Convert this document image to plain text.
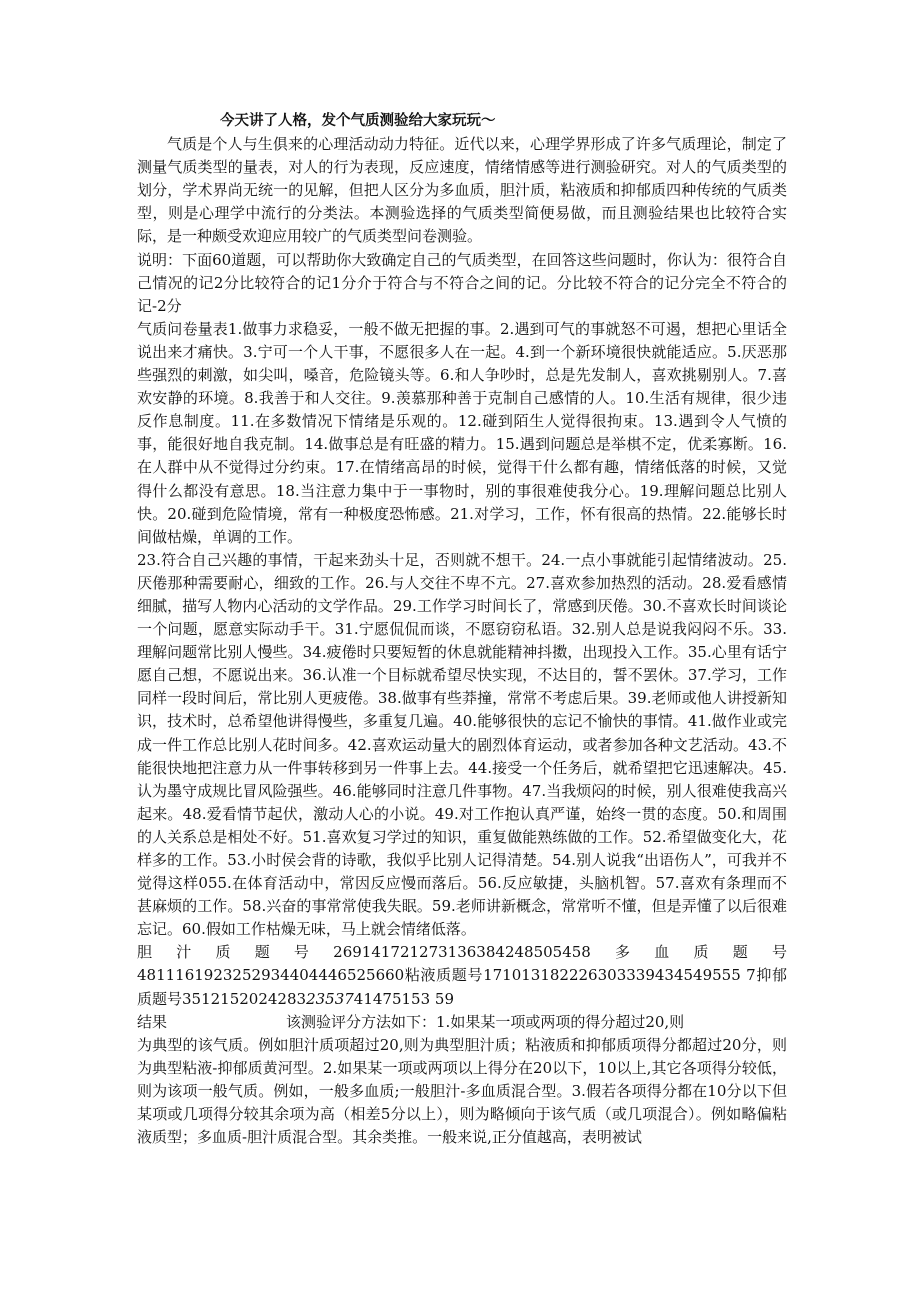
今天讲了人格，发个气质测验给大家玩玩～

气质是个人与生俱来的心理活动动力特征。近代以来，心理学界形成了许多气质理论，制定了测量气质类型的量表，对人的行为表现，反应速度，情绪情感等进行测验研究。对人的气质类型的划分，学术界尚无统一的见解，但把人区分为多血质，胆汁质，粘液质和抑郁质四种传统的气质类型，则是心理学中流行的分类法。本测验选择的气质类型简便易做，而且测验结果也比较符合实际，是一种颇受欢迎应用较广的气质类型问卷测验。

说明：下面60道题，可以帮助你大致确定自己的气质类型，在回答这些问题时，你认为：很符合自己情况的记2分比较符合的记1分介于符合与不符合之间的记。分比较不符合的记分完全不符合的记-2分

气质问卷量表1.做事力求稳妥，一般不做无把握的事。2.遇到可气的事就怒不可遏，想把心里话全说出来才痛快。3.宁可一个人干事，不愿很多人在一起。4.到一个新环境很快就能适应。5.厌恶那些强烈的刺激，如尖叫，嗓音，危险镜头等。6.和人争吵时，总是先发制人，喜欢挑剔别人。7.喜欢安静的环境。8.我善于和人交往。9.羡慕那种善于克制自己感情的人。10.生活有规律，很少违反作息制度。11.在多数情况下情绪是乐观的。12.碰到陌生人觉得很拘束。13.遇到令人气愤的事，能很好地自我克制。14.做事总是有旺盛的精力。15.遇到问题总是举棋不定，优柔寡断。16.在人群中从不觉得过分约束。17.在情绪高昂的时候，觉得干什么都有趣，情绪低落的时候，又觉得什么都没有意思。18.当注意力集中于一事物时，别的事很难使我分心。19.理解问题总比别人快。20.碰到危险情境，常有一种极度恐怖感。21.对学习，工作，怀有很高的热情。22.能够长时间做枯燥，单调的工作。

23.符合自己兴趣的事情，干起来劲头十足，否则就不想干。24.一点小事就能引起情绪波动。25.厌倦那种需要耐心，细致的工作。26.与人交往不卑不亢。27.喜欢参加热烈的活动。28.爱看感情细腻，描写人物内心活动的文学作品。29.工作学习时间长了，常感到厌倦。30.不喜欢长时间谈论一个问题，愿意实际动手干。31.宁愿侃侃而谈，不愿窃窃私语。32.别人总是说我闷闷不乐。33.理解问题常比别人慢些。34.疲倦时只要短暂的休息就能精神抖擞，出现投入工作。35.心里有话宁愿自己想，不愿说出来。36.认准一个目标就希望尽快实现，不达目的，誓不罢休。37.学习，工作同样一段时间后，常比别人更疲倦。38.做事有些莽撞，常常不考虑后果。39.老师或他人讲授新知识，技术时，总希望他讲得慢些，多重复几遍。40.能够很快的忘记不愉快的事情。41.做作业或完成一件工作总比别人花时间多。42.喜欢运动量大的剧烈体育运动，或者参加各种文艺活动。43.不能很快地把注意力从一件事转移到另一件事上去。44.接受一个任务后，就希望把它迅速解决。45.认为墨守成规比冒风险强些。46.能够同时注意几件事物。47.当我烦闷的时候，别人很难使我高兴起来。48.爱看情节起伏，激动人心的小说。49.对工作抱认真严谨，始终一贯的态度。50.和周围的人关系总是相处不好。51.喜欢复习学过的知识，重复做能熟练做的工作。52.希望做变化大，花样多的工作。53.小时侯会背的诗歌，我似乎比别人记得清楚。54.别人说我“出语伤人”，可我并不觉得这样055.在体育活动中，常因反应慢而落后。56.反应敏捷，头脑机智。57.喜欢有条理而不甚麻烦的工作。58.兴奋的事常常使我失眠。59.老师讲新概念，常常听不懂，但是弄懂了以后很难忘记。60.假如工作枯燥无味，马上就会情绪低落。

胆汁质题号269141721273136384248505458多血质题号4811161923252934404446525660粘液质题号171013182226303339434549555 7抑郁质题号35121520242832353741475153 59

结果	该测验评分方法如下：1.如果某一项或两项的得分超过20,则

为典型的该气质。例如胆汁质项超过20,则为典型胆汁质；粘液质和抑郁质项得分都超过20分，则为典型粘液-抑郁质黄河型。2.如果某一项或两项以上得分在20以下，10以上,其它各项得分较低，则为该项一般气质。例如，一般多血质;一般胆汁-多血质混合型。3.假若各项得分都在10分以下但某项或几项得分较其余项为高（相差5分以上），则为略倾向于该气质（或几项混合）。例如略偏粘液质型；多血质-胆汁质混合型。其余类推。一般来说,正分值越高，表明被试
